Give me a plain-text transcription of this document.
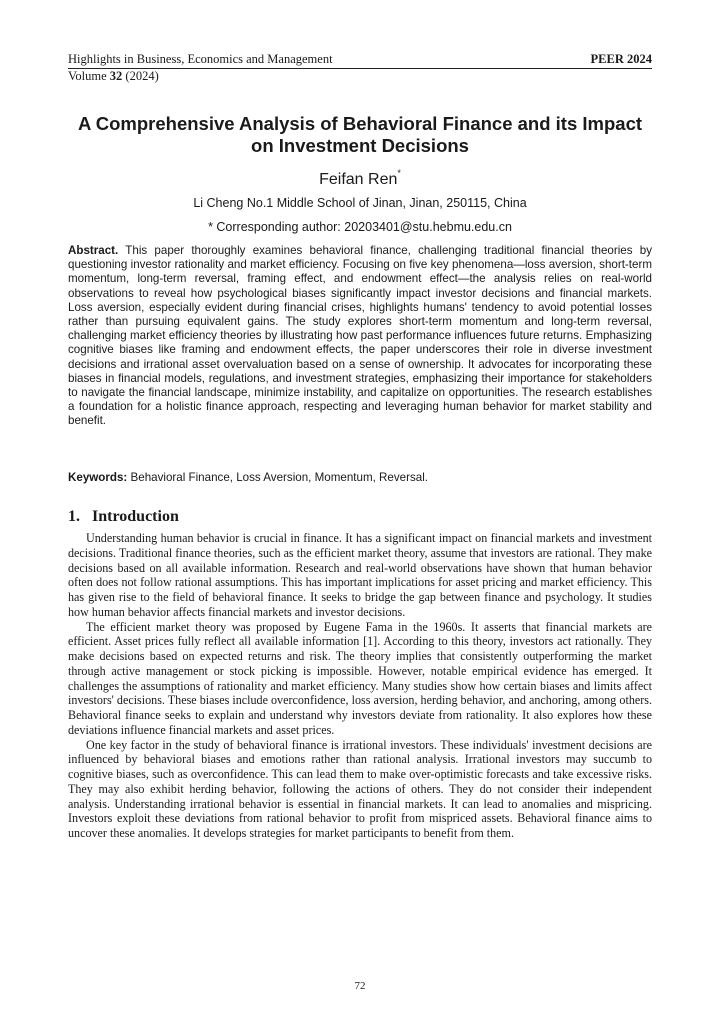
Highlights in Business, Economics and Management	PEER 2024
Volume 32 (2024)
A Comprehensive Analysis of Behavioral Finance and its Impact on Investment Decisions
Feifan Ren*
Li Cheng No.1 Middle School of Jinan, Jinan, 250115, China
* Corresponding author: 20203401@stu.hebmu.edu.cn
Abstract. This paper thoroughly examines behavioral finance, challenging traditional financial theories by questioning investor rationality and market efficiency. Focusing on five key phenomena—loss aversion, short-term momentum, long-term reversal, framing effect, and endowment effect—the analysis relies on real-world observations to reveal how psychological biases significantly impact investor decisions and financial markets. Loss aversion, especially evident during financial crises, highlights humans' tendency to avoid potential losses rather than pursuing equivalent gains. The study explores short-term momentum and long-term reversal, challenging market efficiency theories by illustrating how past performance influences future returns. Emphasizing cognitive biases like framing and endowment effects, the paper underscores their role in diverse investment decisions and irrational asset overvaluation based on a sense of ownership. It advocates for incorporating these biases in financial models, regulations, and investment strategies, emphasizing their importance for stakeholders to navigate the financial landscape, minimize instability, and capitalize on opportunities. The research establishes a foundation for a holistic finance approach, respecting and leveraging human behavior for market stability and benefit.
Keywords: Behavioral Finance, Loss Aversion, Momentum, Reversal.
1. Introduction

Understanding human behavior is crucial in finance. It has a significant impact on financial markets and investment decisions. Traditional finance theories, such as the efficient market theory, assume that investors are rational. They make decisions based on all available information. Research and real-world observations have shown that human behavior often does not follow rational assumptions. This has important implications for asset pricing and market efficiency. This has given rise to the field of behavioral finance. It seeks to bridge the gap between finance and psychology. It studies how human behavior affects financial markets and investor decisions.

The efficient market theory was proposed by Eugene Fama in the 1960s. It asserts that financial markets are efficient. Asset prices fully reflect all available information [1]. According to this theory, investors act rationally. They make decisions based on expected returns and risk. The theory implies that consistently outperforming the market through active management or stock picking is impossible. However, notable empirical evidence has emerged. It challenges the assumptions of rationality and market efficiency. Many studies show how certain biases and limits affect investors' decisions. These biases include overconfidence, loss aversion, herding behavior, and anchoring, among others. Behavioral finance seeks to explain and understand why investors deviate from rationality. It also explores how these deviations influence financial markets and asset prices.

One key factor in the study of behavioral finance is irrational investors. These individuals' investment decisions are influenced by behavioral biases and emotions rather than rational analysis. Irrational investors may succumb to cognitive biases, such as overconfidence. This can lead them to make over-optimistic forecasts and take excessive risks. They may also exhibit herding behavior, following the actions of others. They do not consider their independent analysis. Understanding irrational behavior is essential in financial markets. It can lead to anomalies and mispricing. Investors exploit these deviations from rational behavior to profit from mispriced assets. Behavioral finance aims to uncover these anomalies. It develops strategies for market participants to benefit from them.

72
